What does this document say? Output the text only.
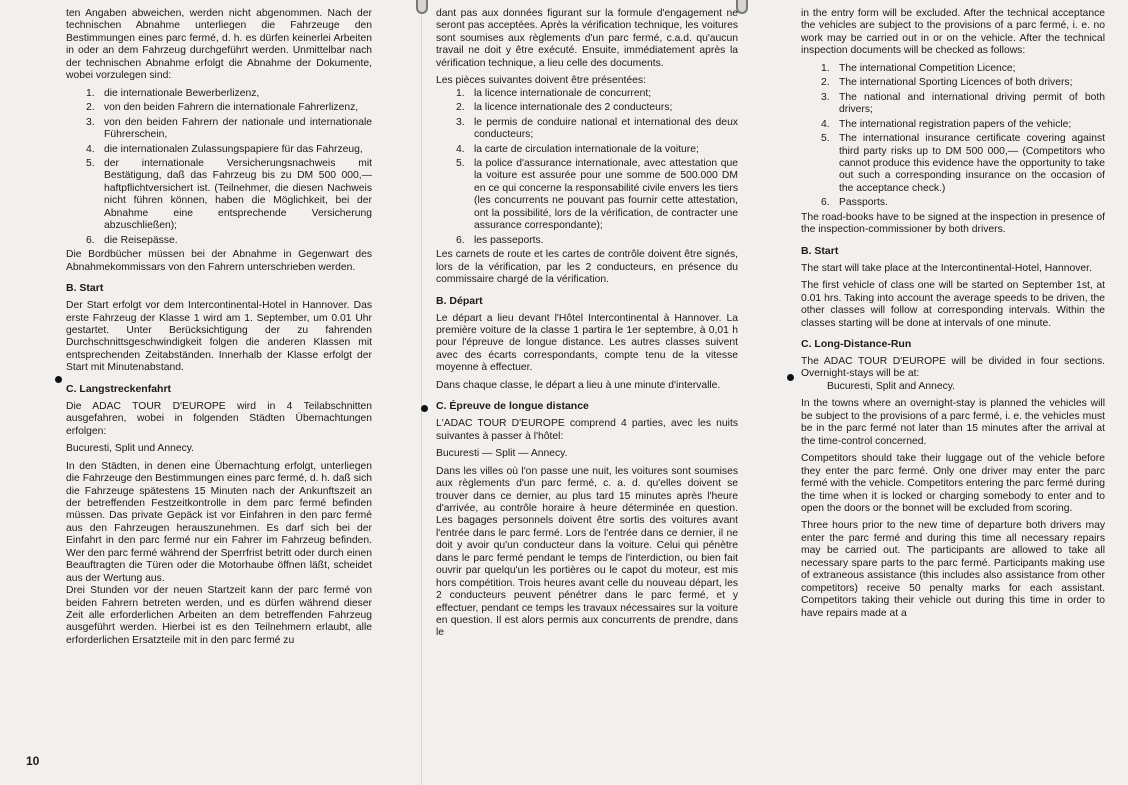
ten Angaben abweichen, werden nicht abgenommen. Nach der technischen Abnahme unterliegen die Fahrzeuge den Bestimmungen eines parc fermé, d. h. es dürfen keinerlei Arbeiten in oder an dem Fahrzeug durchgeführt werden. Unmittelbar nach der technischen Abnahme erfolgt die Abnahme der Dokumente, wobei vorzulegen sind:

1. die internationale Bewerberlizenz,
2. von den beiden Fahrern die internationale Fahrerlizenz,
3. von den beiden Fahrern der nationale und internationale Führerschein,
4. die internationalen Zulassungspapiere für das Fahrzeug,
5. der internationale Versicherungsnachweis mit Bestätigung, daß das Fahrzeug bis zu DM 500 000,— haftpflichtversichert ist. (Teilnehmer, die diesen Nachweis nicht führen können, haben die Möglichkeit, bei der Abnahme eine entsprechende Versicherung abzuschließen);
6. die Reisepässe.

Die Bordbücher müssen bei der Abnahme in Gegenwart des Abnahmekommissars von den Fahrern unterschrieben werden.

B. Start

Der Start erfolgt vor dem Intercontinental-Hotel in Hannover. Das erste Fahrzeug der Klasse 1 wird am 1. September, um 0.01 Uhr gestartet. Unter Berücksichtigung der zu fahrenden Durchschnittsgeschwindigkeit folgen die anderen Klassen mit entsprechenden Zeitabständen. Innerhalb der Klasse erfolgt der Start mit Minutenabstand.

C. Langstreckenfahrt

Die ADAC TOUR D'EUROPE wird in 4 Teilabschnitten ausgefahren, wobei in folgenden Städten Übernachtungen erfolgen:

Bucuresti, Split und Annecy.

In den Städten, in denen eine Übernachtung erfolgt, unterliegen die Fahrzeuge den Bestimmungen eines parc fermé, d. h. daß sich die Fahrzeuge spätestens 15 Minuten nach der Ankunftszeit an der betreffenden Festzeitkontrolle in dem parc fermé befinden müssen. Das private Gepäck ist vor Einfahren in den parc fermé aus den Fahrzeugen herauszunehmen. Es darf sich bei der Einfahrt in den parc fermé nur ein Fahrer im Fahrzeug befinden. Wer den parc fermé während der Sperrfrist betritt oder durch einen Beauftragten die Türen oder die Motorhaube öffnen läßt, scheidet aus der Wertung aus.

Drei Stunden vor der neuen Startzeit kann der parc fermé von beiden Fahrern betreten werden, und es dürfen während dieser Zeit alle erforderlichen Arbeiten an dem betreffenden Fahrzeug ausgeführt werden. Hierbei ist es den Teilnehmern erlaubt, alle erforderlichen Ersatzteile mit in den parc fermé zu

dant pas aux données figurant sur la formule d'engagement ne seront pas acceptées. Après la vérification technique, les voitures sont soumises aux règlements d'un parc fermé, c.a.d. qu'aucun travail ne doit y être exécuté. Ensuite, immédiatement après la vérification technique, a lieu celle des documents.

Les pièces suivantes doivent être présentées:

1. la licence internationale de concurrent;
2. la licence internationale des 2 conducteurs;
3. le permis de conduire national et international des deux conducteurs;
4. la carte de circulation internationale de la voiture;
5. la police d'assurance internationale, avec attestation que la voiture est assurée pour une somme de 500.000 DM en ce qui concerne la responsabilité civile envers les tiers (les concurrents ne pouvant pas fournir cette attestation, ont la possibilité, lors de la vérification, de contracter une assurance correspondante);
6. les passeports.

Les carnets de route et les cartes de contrôle doivent être signés, lors de la vérification, par les 2 conducteurs, en présence du commissaire chargé de la vérification.

B. Départ

Le départ a lieu devant l'Hôtel Intercontinental à Hannover. La première voiture de la classe 1 partira le 1er septembre, à 0,01 h pour l'épreuve de longue distance. Les autres classes suivent avec des écarts correspondants, compte tenu de la vitesse moyenne à effectuer.

Dans chaque classe, le départ a lieu à une minute d'intervalle.

C. Épreuve de longue distance

L'ADAC TOUR D'EUROPE comprend 4 parties, avec les nuits suivantes à passer à l'hôtel:

Bucuresti — Split — Annecy.

Dans les villes où l'on passe une nuit, les voitures sont soumises aux règlements d'un parc fermé, c. a. d. qu'elles doivent se trouver dans ce dernier, au plus tard 15 minutes après l'heure d'arrivée, au contrôle horaire à heure déterminée en question. Les bagages personnels doivent être sortis des voitures avant l'entrée dans le parc fermé. Lors de l'entrée dans ce dernier, il ne doit y avoir qu'un conducteur dans la voiture. Celui qui pénètre dans le parc fermé pendant le temps de l'interdiction, ou bien fait ouvrir par quelqu'un les portières ou le capot du moteur, est mis hors compétition. Trois heures avant celle du nouveau départ, les 2 conducteurs peuvent pénétrer dans le parc fermé, et y effectuer, pendant ce temps les travaux nécessaires sur la voiture en question. Il est alors permis aux concurrents de prendre, dans le

in the entry form will be excluded. After the technical acceptance the vehicles are subject to the provisions of a parc fermé, i. e. no work may be carried out in or on the vehicle. After the technical inspection documents will be checked as follows:

1. The international Competition Licence;
2. The international Sporting Licences of both drivers;
3. The national and international driving permit of both drivers;
4. The international registration papers of the vehicle;
5. The international insurance certificate covering against third party risks up to DM 500 000,— (Competitors who cannot produce this evidence have the opportunity to take out such a corresponding insurance on the occasion of the acceptance check.)
6. Passports.

The road-books have to be signed at the inspection in presence of the inspection-commissioner by both drivers.

B. Start

The start will take place at the Intercontinental-Hotel, Hannover.

The first vehicle of class one will be started on September 1st, at 0.01 hrs. Taking into account the average speeds to be driven, the other classes will follow at corresponding intervals. Within the classes starting will be done at intervals of one minute.

C. Long-Distance-Run

The ADAC TOUR D'EUROPE will be divided in four sections. Overnight-stays will be at:

Bucuresti, Split and Annecy.

In the towns where an overnight-stay is planned the vehicles will be subject to the provisions of a parc fermé, i. e. the vehicles must be in the parc fermé not later than 15 minutes after the arrival at the time-control concerned.

Competitors should take their luggage out of the vehicle before they enter the parc fermé. Only one driver may enter the parc fermé with the vehicle. Competitors entering the parc fermé during the time when it is locked or charging somebody to enter and to open the doors or the bonnet will be excluded from scoring.

Three hours prior to the new time of departure both drivers may enter the parc fermé and during this time all necessary repairs may be carried out. The participants are allowed to take all necessary spare parts to the parc fermé. Participants making use of extraneous assistance (this includes also assistance from other competitors) receive 50 penalty marks for each assistant. Competitors taking their vehicle out during this time in order to have repairs made at a

10
